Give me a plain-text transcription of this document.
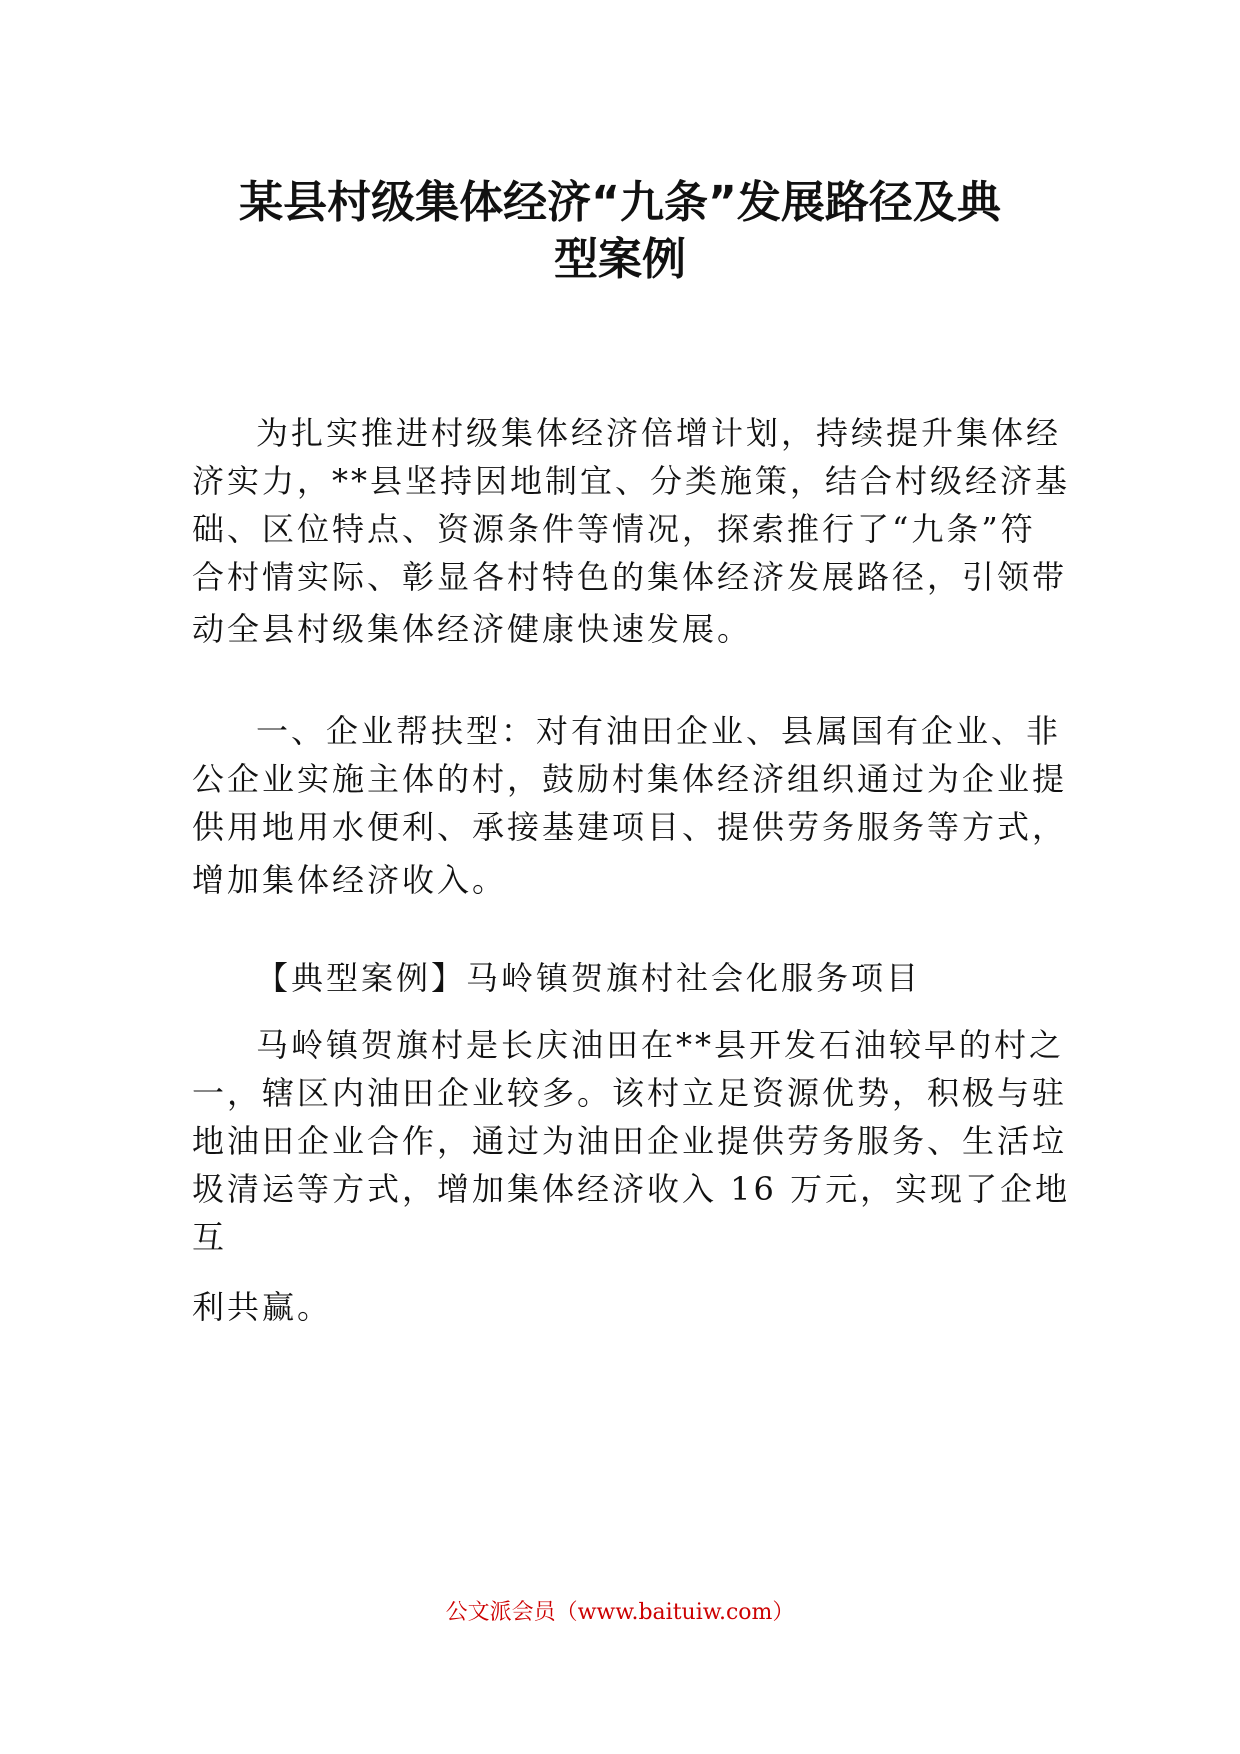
某县村级集体经济“九条”发展路径及典
型案例

为扎实推进村级集体经济倍增计划，持续提升集体经

济实力，**县坚持因地制宜、分类施策，结合村级经济基

础、区位特点、资源条件等情况，探索推行了“九条”符

合村情实际、彰显各村特色的集体经济发展路径，引领带

动全县村级集体经济健康快速发展。

一、企业帮扶型：对有油田企业、县属国有企业、非

公企业实施主体的村，鼓励村集体经济组织通过为企业提

供用地用水便利、承接基建项目、提供劳务服务等方式，

增加集体经济收入。

【典型案例】马岭镇贺旗村社会化服务项目

马岭镇贺旗村是长庆油田在**县开发石油较早的村之

一，辖区内油田企业较多。该村立足资源优势，积极与驻

地油田企业合作，通过为油田企业提供劳务服务、生活垃

圾清运等方式，增加集体经济收入 16 万元，实现了企地

互

利共赢。

公文派会员（www.baituiw.com）
